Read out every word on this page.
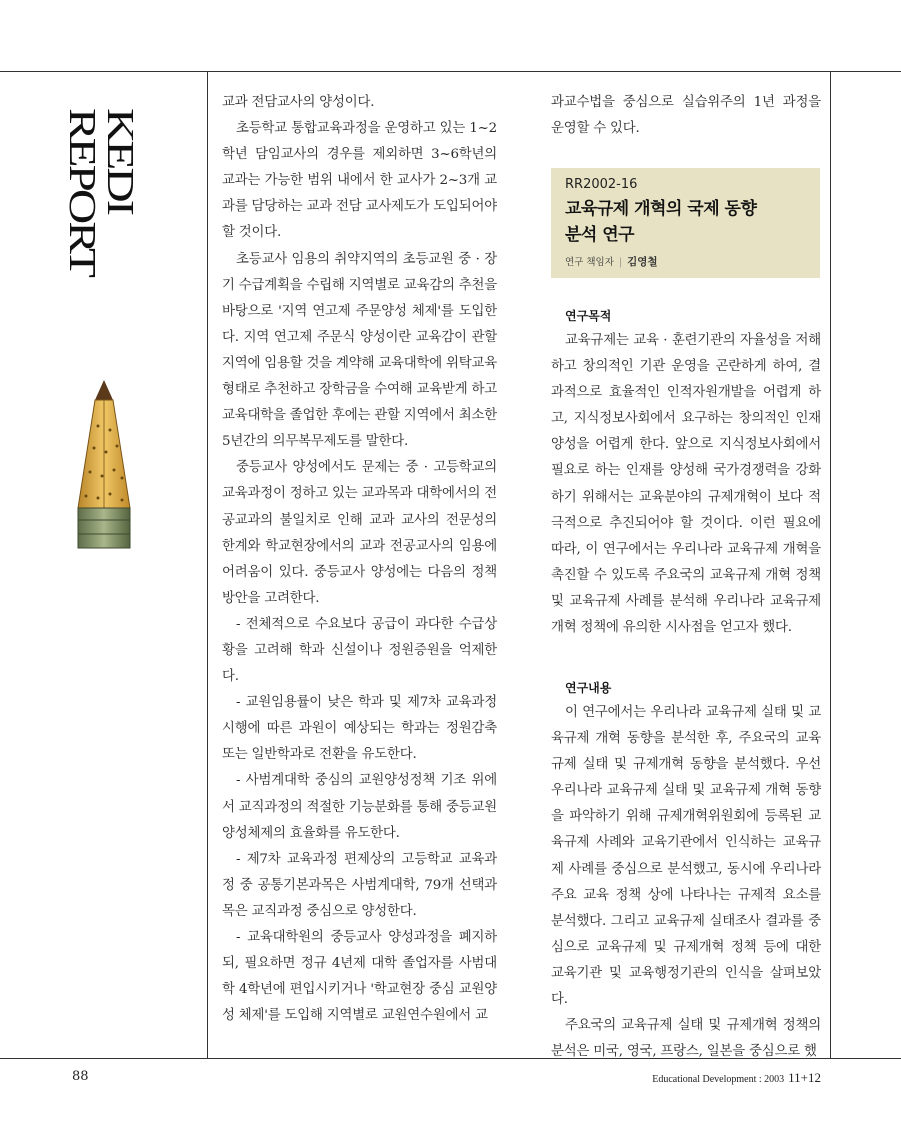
KEDI REPORT

교과 전담교사의 양성이다.

초등학교 통합교육과정을 운영하고 있는 1~2학년 담임교사의 경우를 제외하면 3~6학년의 교과는 가능한 범위 내에서 한 교사가 2~3개 교과를 담당하는 교과 전담 교사제도가 도입되어야 할 것이다.

초등교사 임용의 취약지역의 초등교원 중 · 장기 수급계획을 수립해 지역별로 교육감의 추천을 바탕으로 '지역 연고제 주문양성 체제'를 도입한다. 지역 연고제 주문식 양성이란 교육감이 관할 지역에 임용할 것을 계약해 교육대학에 위탁교육 형태로 추천하고 장학금을 수여해 교육받게 하고 교육대학을 졸업한 후에는 관할 지역에서 최소한 5년간의 의무복무제도를 말한다.

중등교사 양성에서도 문제는 중 · 고등학교의 교육과정이 정하고 있는 교과목과 대학에서의 전공교과의 불일치로 인해 교과 교사의 전문성의 한계와 학교현장에서의 교과 전공교사의 임용에 어려움이 있다. 중등교사 양성에는 다음의 정책 방안을 고려한다.

- 전체적으로 수요보다 공급이 과다한 수급상황을 고려해 학과 신설이나 정원증원을 억제한다.

- 교원임용률이 낮은 학과 및 제7차 교육과정 시행에 따른 과원이 예상되는 학과는 정원감축 또는 일반학과로 전환을 유도한다.

- 사범계대학 중심의 교원양성정책 기조 위에서 교직과정의 적절한 기능분화를 통해 중등교원 양성체제의 효율화를 유도한다.

- 제7차 교육과정 편제상의 고등학교 교육과정 중 공통기본과목은 사범계대학, 79개 선택과목은 교직과정 중심으로 양성한다.

- 교육대학원의 중등교사 양성과정을 폐지하되, 필요하면 정규 4년제 대학 졸업자를 사범대학 4학년에 편입시키거나 '학교현장 중심 교원양성 체제'를 도입해 지역별로 교원연수원에서 교

과교수법을 중심으로 실습위주의 1년 과정을 운영할 수 있다.

RR2002-16
교육규제 개혁의 국제 동향
분석 연구
연구 책임자 | 김영철
연구목적

교육규제는 교육 · 훈련기관의 자율성을 저해하고 창의적인 기관 운영을 곤란하게 하여, 결과적으로 효율적인 인적자원개발을 어렵게 하고, 지식정보사회에서 요구하는 창의적인 인재 양성을 어렵게 한다. 앞으로 지식정보사회에서 필요로 하는 인재를 양성해 국가경쟁력을 강화하기 위해서는 교육분야의 규제개혁이 보다 적극적으로 추진되어야 할 것이다. 이런 필요에 따라, 이 연구에서는 우리나라 교육규제 개혁을 촉진할 수 있도록 주요국의 교육규제 개혁 정책 및 교육규제 사례를 분석해 우리나라 교육규제 개혁 정책에 유의한 시사점을 얻고자 했다.

연구내용

이 연구에서는 우리나라 교육규제 실태 및 교육규제 개혁 동향을 분석한 후, 주요국의 교육규제 실태 및 규제개혁 동향을 분석했다. 우선 우리나라 교육규제 실태 및 교육규제 개혁 동향을 파악하기 위해 규제개혁위원회에 등록된 교육규제 사례와 교육기관에서 인식하는 교육규제 사례를 중심으로 분석했고, 동시에 우리나라 주요 교육 정책 상에 나타나는 규제적 요소를 분석했다. 그리고 교육규제 실태조사 결과를 중심으로 교육규제 및 규제개혁 정책 등에 대한 교육기관 및 교육행정기관의 인식을 살펴보았다.

주요국의 교육규제 실태 및 규제개혁 정책의 분석은 미국, 영국, 프랑스, 일본을 중심으로 했

88	Educational Development : 2003 11+12
